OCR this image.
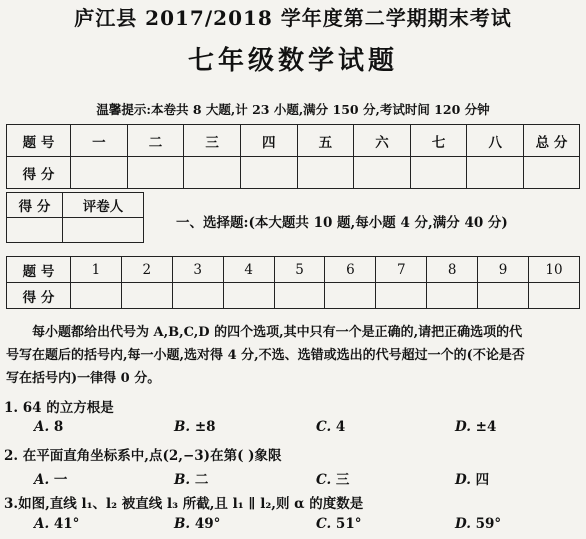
庐江县 2017/2018 学年度第二学期期末考试
七年级数学试题
温馨提示:本卷共 8 大题,计 23 小题,满分 150 分,考试时间 120 分钟
题 号	一	二	三	四	五	六	七	八	总 分
得 分									
得 分	评卷人

一、选择题:(本大题共 10 题,每小题 4 分,满分 40 分)
题 号	1	2	3	4	5	6	7	8	9	10
得 分										
每小题都给出代号为 A,B,C,D 的四个选项,其中只有一个是正确的,请把正确选项的代
号写在题后的括号内,每一小题,选对得 4 分,不选、选错或选出的代号超过一个的(不论是否
写在括号内)一律得 0 分。
1. 64 的立方根是
A. 8	B. ±8	C. 4	D. ±4
2. 在平面直角坐标系中,点(2,−3)在第( )象限
A. 一	B. 二	C. 三	D. 四
3.如图,直线 l₁、l₂ 被直线 l₃ 所截,且 l₁ ∥ l₂,则 α 的度数是
A. 41°	B. 49°	C. 51°	D. 59°
